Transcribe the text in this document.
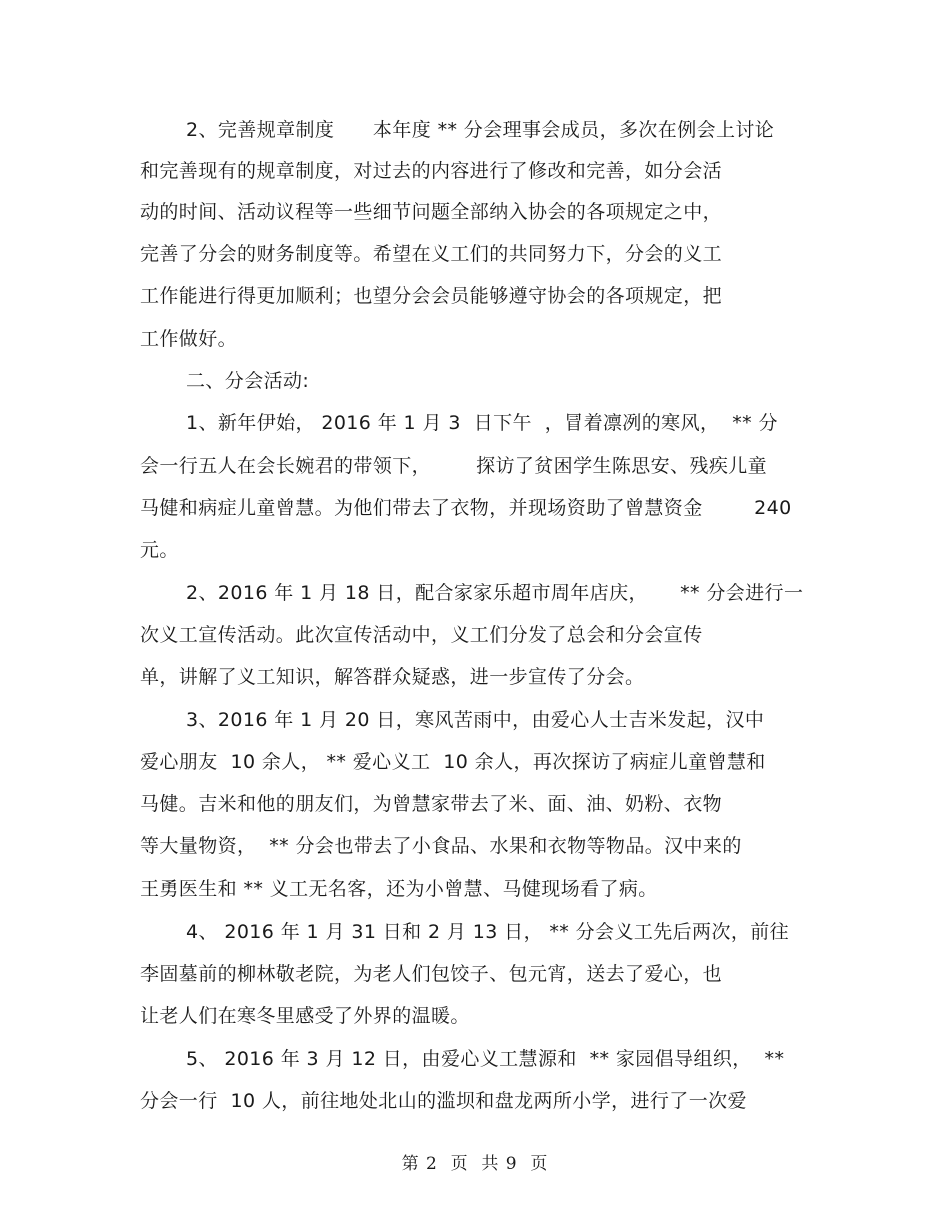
2、完善规章制度      本年度 ** 分会理事会成员，多次在例会上讨论
和完善现有的规章制度，对过去的内容进行了修改和完善，如分会活
动的时间、活动议程等一些细节问题全部纳入协会的各项规定之中，
完善了分会的财务制度等。希望在义工们的共同努力下，分会的义工
工作能进行得更加顺利；也望分会会员能够遵守协会的各项规定，把
工作做好。
二、分会活动:
1、新年伊始， 2016 年 1 月 3  日下午  ，冒着凛冽的寒风，  ** 分
会一行五人在会长婉君的带领下，       探访了贫困学生陈思安、残疾儿童
马健和病症儿童曾慧。为他们带去了衣物，并现场资助了曾慧资金        240
元。
2、2016 年 1 月 18 日，配合家家乐超市周年店庆，     ** 分会进行一
次义工宣传活动。此次宣传活动中，义工们分发了总会和分会宣传
单，讲解了义工知识，解答群众疑惑，进一步宣传了分会。
3、2016 年 1 月 20 日，寒风苦雨中，由爱心人士吉米发起，汉中
爱心朋友  10 余人， ** 爱心义工  10 余人，再次探访了病症儿童曾慧和
马健。吉米和他的朋友们，为曾慧家带去了米、面、油、奶粉、衣物
等大量物资，  ** 分会也带去了小食品、水果和衣物等物品。汉中来的
王勇医生和 ** 义工无名客，还为小曾慧、马健现场看了病。
4、 2016 年 1 月 31 日和 2 月 13 日， ** 分会义工先后两次，前往
李固墓前的柳林敬老院，为老人们包饺子、包元宵，送去了爱心，也
让老人们在寒冬里感受了外界的温暖。
5、 2016 年 3 月 12 日，由爱心义工慧源和  ** 家园倡导组织，  **
分会一行  10 人，前往地处北山的滥坝和盘龙两所小学，进行了一次爱
第 2  页  共 9  页
